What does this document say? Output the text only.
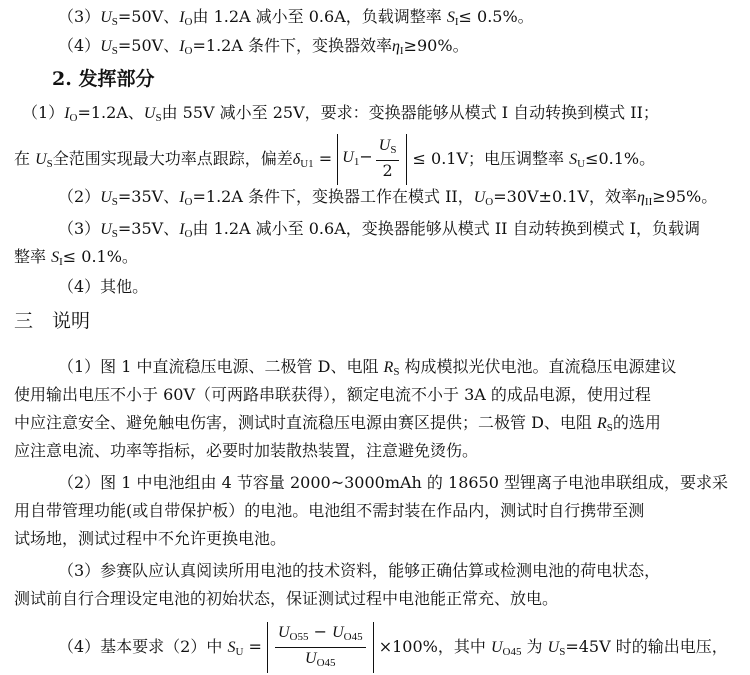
$(3)U_S=50V$、$I_O$由 1.2A 减小至 0.6A，负载调整率 $S_I\le 0.5\%$。
$(4)U_S=50V$、$I_O=1.2A$ 条件下，变换器效率$\eta_I\ge 90\%$。
2. 发挥部分
$(1)I_O=1.2A$、$U_S$由 55V 减小至 25V，要求：变换器能够从模式 I 自动转换到模式 II；
在 $U_S$全范围实现最大功率点跟踪，偏差$\delta_{U1} = U_1- \frac{U_S}{2} \le 0.1V$；电压调整率 $S_U\le 0.1\%$。
$(2)U_S=35V$、$I_O=1.2A$ 条件下，变换器工作在模式 II，$U_O=30V\pm 0.1V$，效率$\eta_{II}\ge 95\%$。
$(3)U_S=35V$、$I_O$由 1.2A 减小至 0.6A，变换器能够从模式 II 自动转换到模式 I，负载调
整率 $S_I\le 0.1\%$。
（4）其他。
三　说明
（1）图 1 中直流稳压电源、二极管 D、电阻 $R_S$ 构成模拟光伏电池。直流稳压电源建议
使用输出电压不小于 60V（可两路串联获得），额定电流不小于 3A 的成品电源，使用过程
中应注意安全、避免触电伤害，测试时直流稳压电源由赛区提供；二极管 D、电阻 $R_S$的选用
应注意电流、功率等指标，必要时加装散热装置，注意避免烫伤。
（2）图 1 中电池组由 4 节容量 2000~3000mAh 的 18650 型锂离子电池串联组成，要求采
用自带管理功能(或自带保护板）的电池。电池组不需封装在作品内，测试时自行携带至测
试场地，测试过程中不允许更换电池。
（3）参赛队应认真阅读所用电池的技术资料，能够正确估算或检测电池的荷电状态，
测试前自行合理设定电池的初始状态，保证测试过程中电池能正常充、放电。
（4）基本要求（2）中 $S_U = \frac{U_{O55} - U_{O45}}{U_{O45}} \times 100\%$，其中 $U_{O45}$ 为 $U_S=45V$ 时的输出电压，
